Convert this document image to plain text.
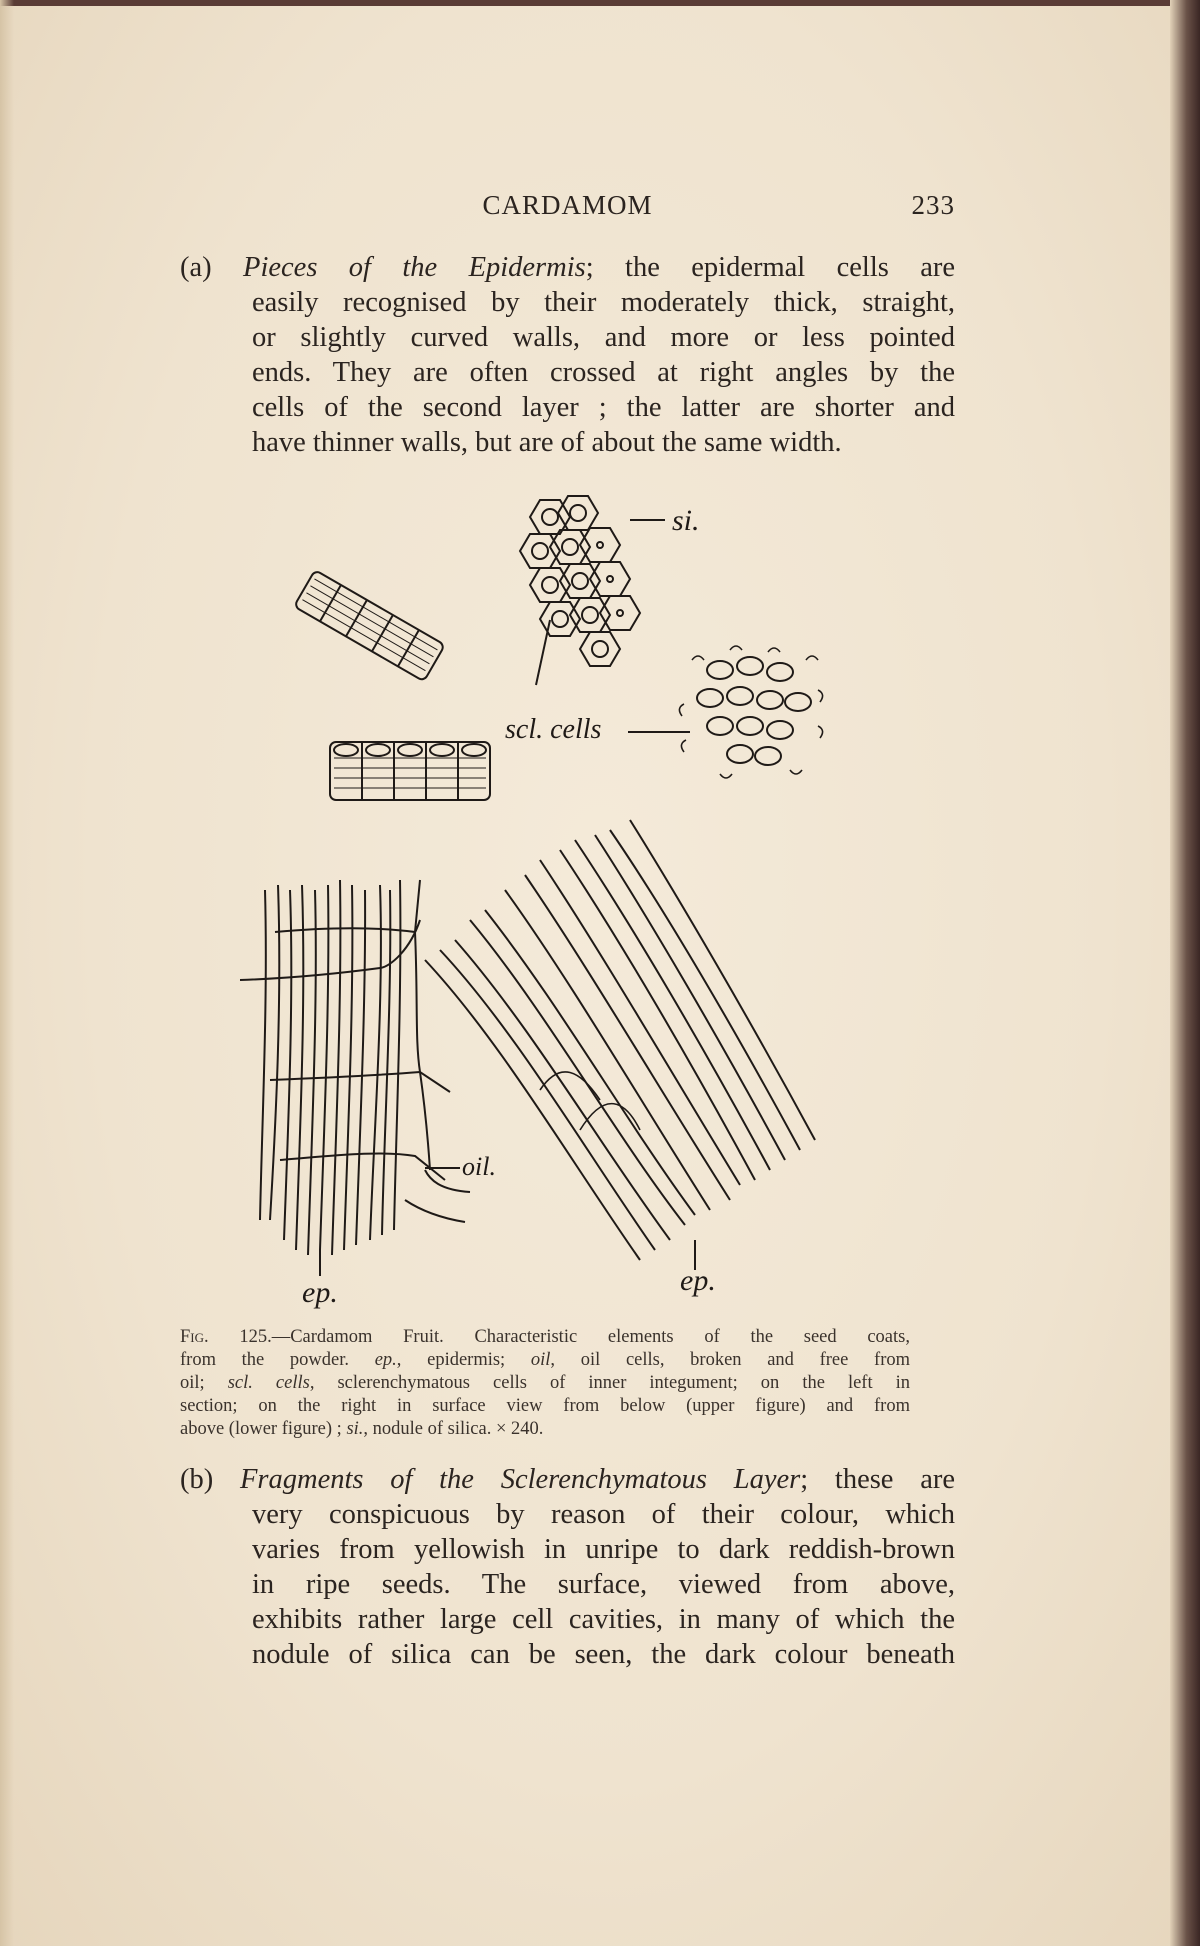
CARDAMOM	233
(a) Pieces of the Epidermis; the epidermal cells are
easily recognised by their moderately thick, straight,
or slightly curved walls, and more or less pointed
ends. They are often crossed at right angles by the
cells of the second layer ; the latter are shorter and
have thinner walls, but are of about the same width.
si.
scl. cells
oil.
ep.	ep.
Fig. 125.—Cardamom Fruit. Characteristic elements of the seed coats,
from the powder. ep., epidermis; oil, oil cells, broken and free from
oil; scl. cells, sclerenchymatous cells of inner integument; on the left in
section; on the right in surface view from below (upper figure) and from
above (lower figure) ; si., nodule of silica. × 240.
(b) Fragments of the Sclerenchymatous Layer; these are
very conspicuous by reason of their colour, which
varies from yellowish in unripe to dark reddish-brown
in ripe seeds. The surface, viewed from above,
exhibits rather large cell cavities, in many of which the
nodule of silica can be seen, the dark colour beneath
